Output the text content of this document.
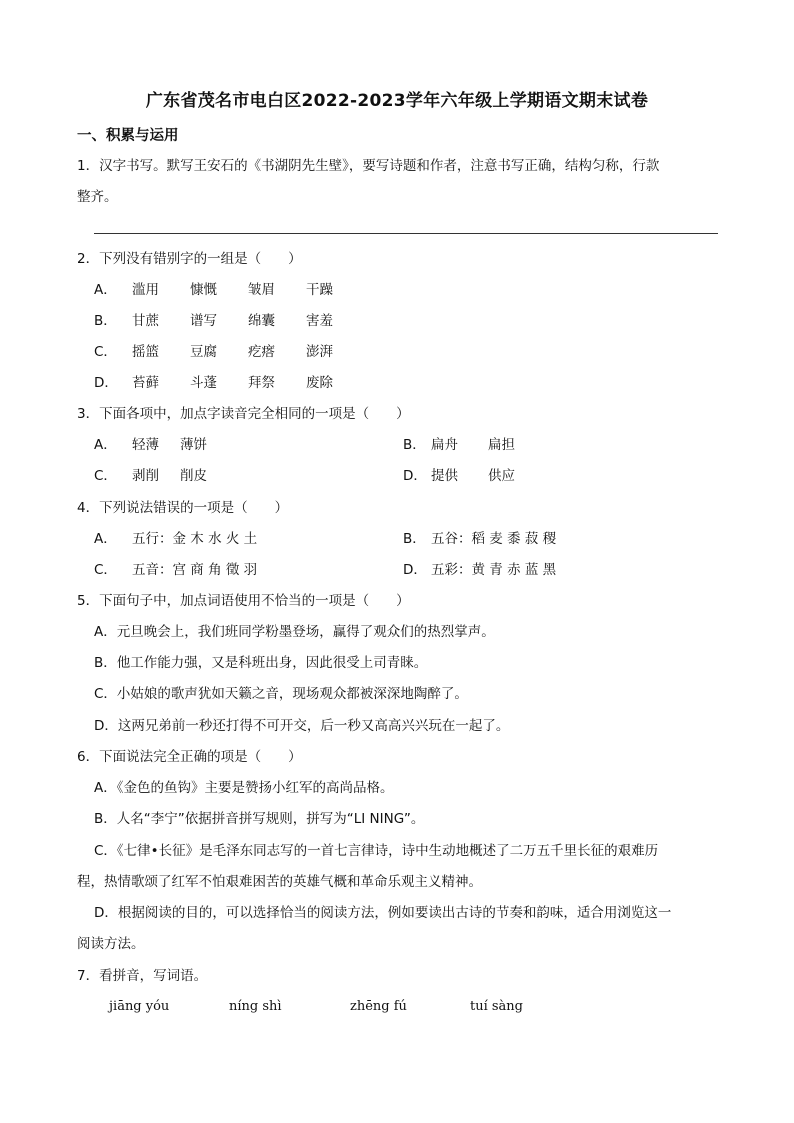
广东省茂名市电白区2022-2023学年六年级上学期语文期末试卷
一、积累与运用
1．汉字书写。默写王安石的《书湖阴先生壁》，要写诗题和作者，注意书写正确，结构匀称，行款
整齐。
2．下列没有错别字的一组是（　　）
A． 滥用 慷慨 皱眉 干躁
B． 甘蔗 谱写 绵囊 害羞
C． 摇篮 豆腐 疙瘩 澎湃
D． 苔藓 斗蓬 拜祭 废除
3．下面各项中，加点字读音完全相同的一项是（　　）
A． 轻薄 薄饼	B． 扁舟 扁担
C． 剥削 削皮	D． 提供 供应
4．下列说法错误的一项是（　　）
A． 五行：金 木 水 火 土	B． 五谷：稻 麦 黍 菽 稷
C． 五音：宫 商 角 徵 羽	D． 五彩：黄 青 赤 蓝 黑
5．下面句子中，加点词语使用不恰当的一项是（　　）
A．元旦晚会上，我们班同学粉墨登场，赢得了观众们的热烈掌声。
B．他工作能力强，又是科班出身，因此很受上司青睐。
C．小姑娘的歌声犹如天籁之音，现场观众都被深深地陶醉了。
D．这两兄弟前一秒还打得不可开交，后一秒又高高兴兴玩在一起了。
6．下面说法完全正确的项是（　　）
A．《金色的鱼钩》主要是赞扬小红军的高尚品格。
B．人名“李宁”依据拼音拼写规则，拼写为“LI NING”。
C．《七律•长征》是毛泽东同志写的一首七言律诗，诗中生动地概述了二万五千里长征的艰难历
程，热情歌颂了红军不怕艰难困苦的英雄气概和革命乐观主义精神。
D．根据阅读的目的，可以选择恰当的阅读方法，例如要读出古诗的节奏和韵味，适合用浏览这一
阅读方法。
7．看拼音，写词语。
jiāng yóu	níng shì	zhēng fú	tuí sàng
